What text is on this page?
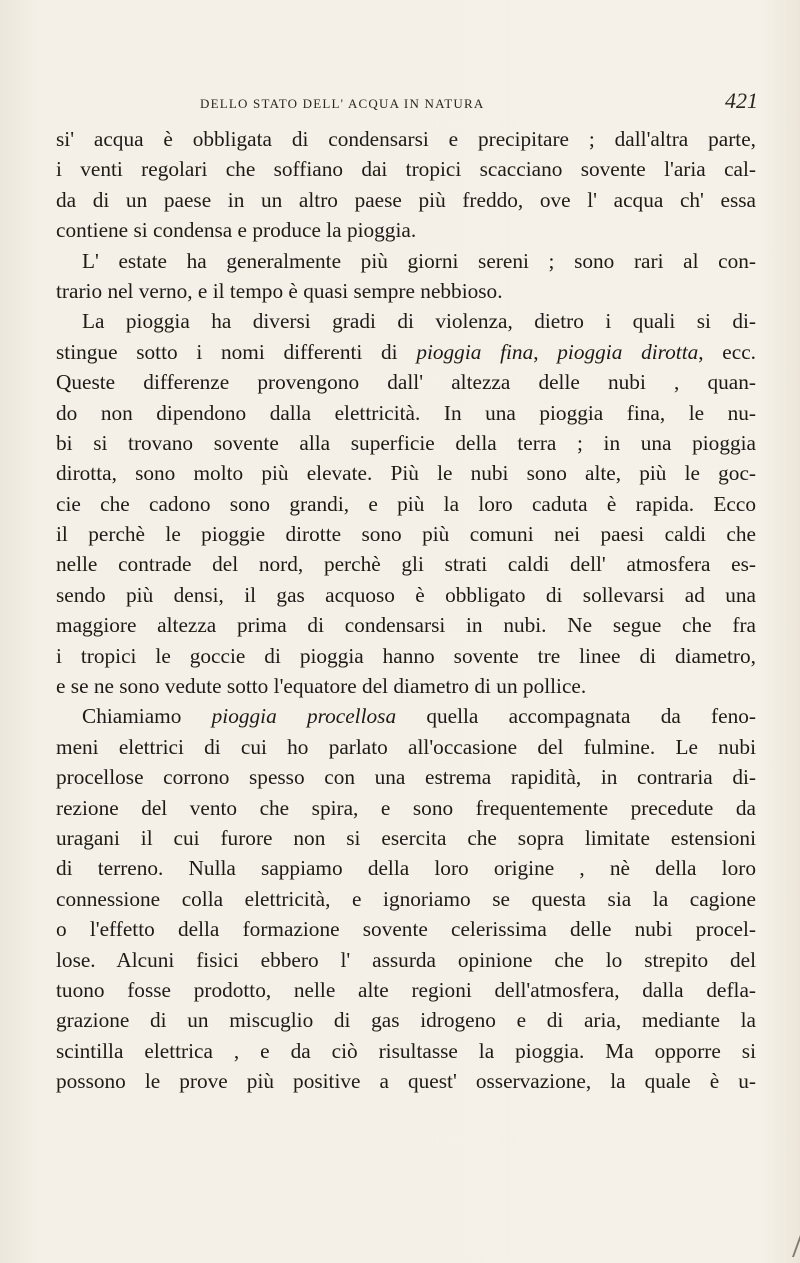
DELLO STATO DELL' ACQUA IN NATURA	421
si' acqua è obbligata di condensarsi e precipitare ; dall'altra parte,
i venti regolari che soffiano dai tropici scacciano sovente l'aria cal-
da di un paese in un altro paese più freddo, ove l' acqua ch' essa
contiene si condensa e produce la pioggia.
L' estate ha generalmente più giorni sereni ; sono rari al con-
trario nel verno, e il tempo è quasi sempre nebbioso.
La pioggia ha diversi gradi di violenza, dietro i quali si di-
stingue sotto i nomi differenti di pioggia fina, pioggia dirotta, ecc.
Queste differenze provengono dall' altezza delle nubi , quan-
do non dipendono dalla elettricità. In una pioggia fina, le nu-
bi si trovano sovente alla superficie della terra ; in una pioggia
dirotta, sono molto più elevate. Più le nubi sono alte, più le goc-
cie che cadono sono grandi, e più la loro caduta è rapida. Ecco
il perchè le pioggie dirotte sono più comuni nei paesi caldi che
nelle contrade del nord, perchè gli strati caldi dell' atmosfera es-
sendo più densi, il gas acquoso è obbligato di sollevarsi ad una
maggiore altezza prima di condensarsi in nubi. Ne segue che fra
i tropici le goccie di pioggia hanno sovente tre linee di diametro,
e se ne sono vedute sotto l'equatore del diametro di un pollice.
Chiamiamo pioggia procellosa quella accompagnata da feno-
meni elettrici di cui ho parlato all'occasione del fulmine. Le nubi
procellose corrono spesso con una estrema rapidità, in contraria di-
rezione del vento che spira, e sono frequentemente precedute da
uragani il cui furore non si esercita che sopra limitate estensioni
di terreno. Nulla sappiamo della loro origine , nè della loro
connessione colla elettricità, e ignoriamo se questa sia la cagione
o l'effetto della formazione sovente celerissima delle nubi procel-
lose. Alcuni fisici ebbero l' assurda opinione che lo strepito del
tuono fosse prodotto, nelle alte regioni dell'atmosfera, dalla defla-
grazione di un miscuglio di gas idrogeno e di aria, mediante la
scintilla elettrica , e da ciò risultasse la pioggia. Ma opporre si
possono le prove più positive a quest' osservazione, la quale è u-
